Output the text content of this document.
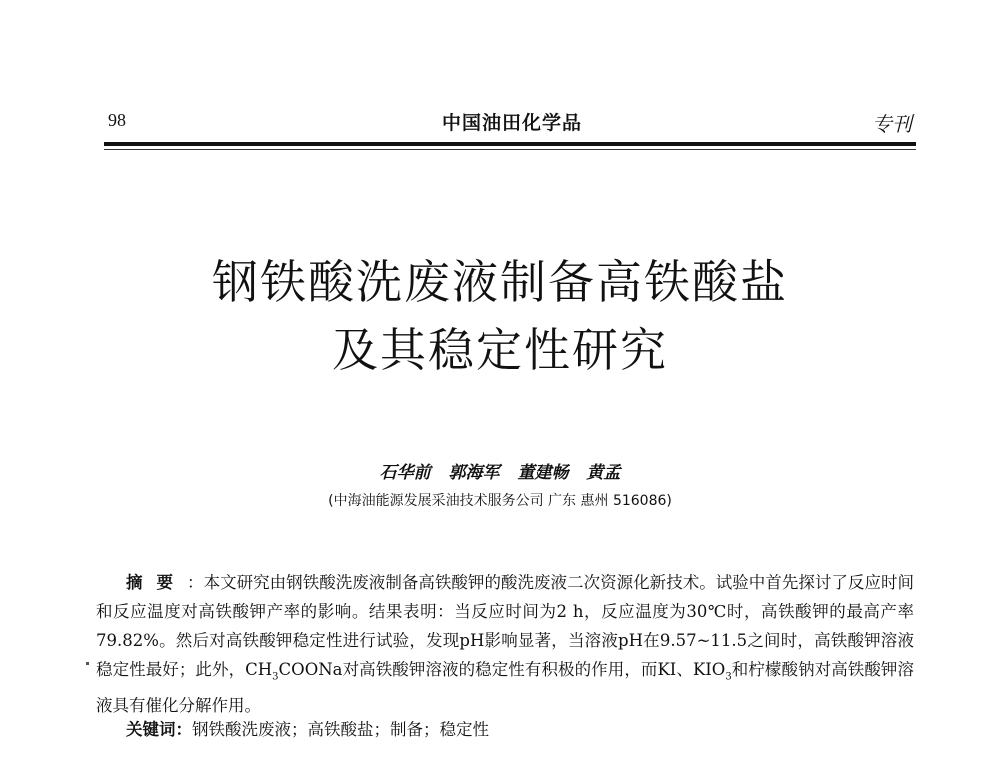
98	中国油田化学品	专刊
钢铁酸洗废液制备高铁酸盐
及其稳定性研究
石华前 郭海军 董建畅 黄孟
(中海油能源发展采油技术服务公司 广东 惠州 516086)
摘要：本文研究由钢铁酸洗废液制备高铁酸钾的酸洗废液二次资源化新技术。试验中首先探讨了反应时间和反应温度对高铁酸钾产率的影响。结果表明：当反应时间为2 h，反应温度为30℃时，高铁酸钾的最高产率79.82%。然后对高铁酸钾稳定性进行试验，发现pH影响显著，当溶液pH在9.57~11.5之间时，高铁酸钾溶液稳定性最好；此外，$CH_3COONa$对高铁酸钾溶液的稳定性有积极的作用，而KI、$KIO_3$和柠檬酸钠对高铁酸钾溶液具有催化分解作用。
关键词：钢铁酸洗废液；高铁酸盐；制备；稳定性
